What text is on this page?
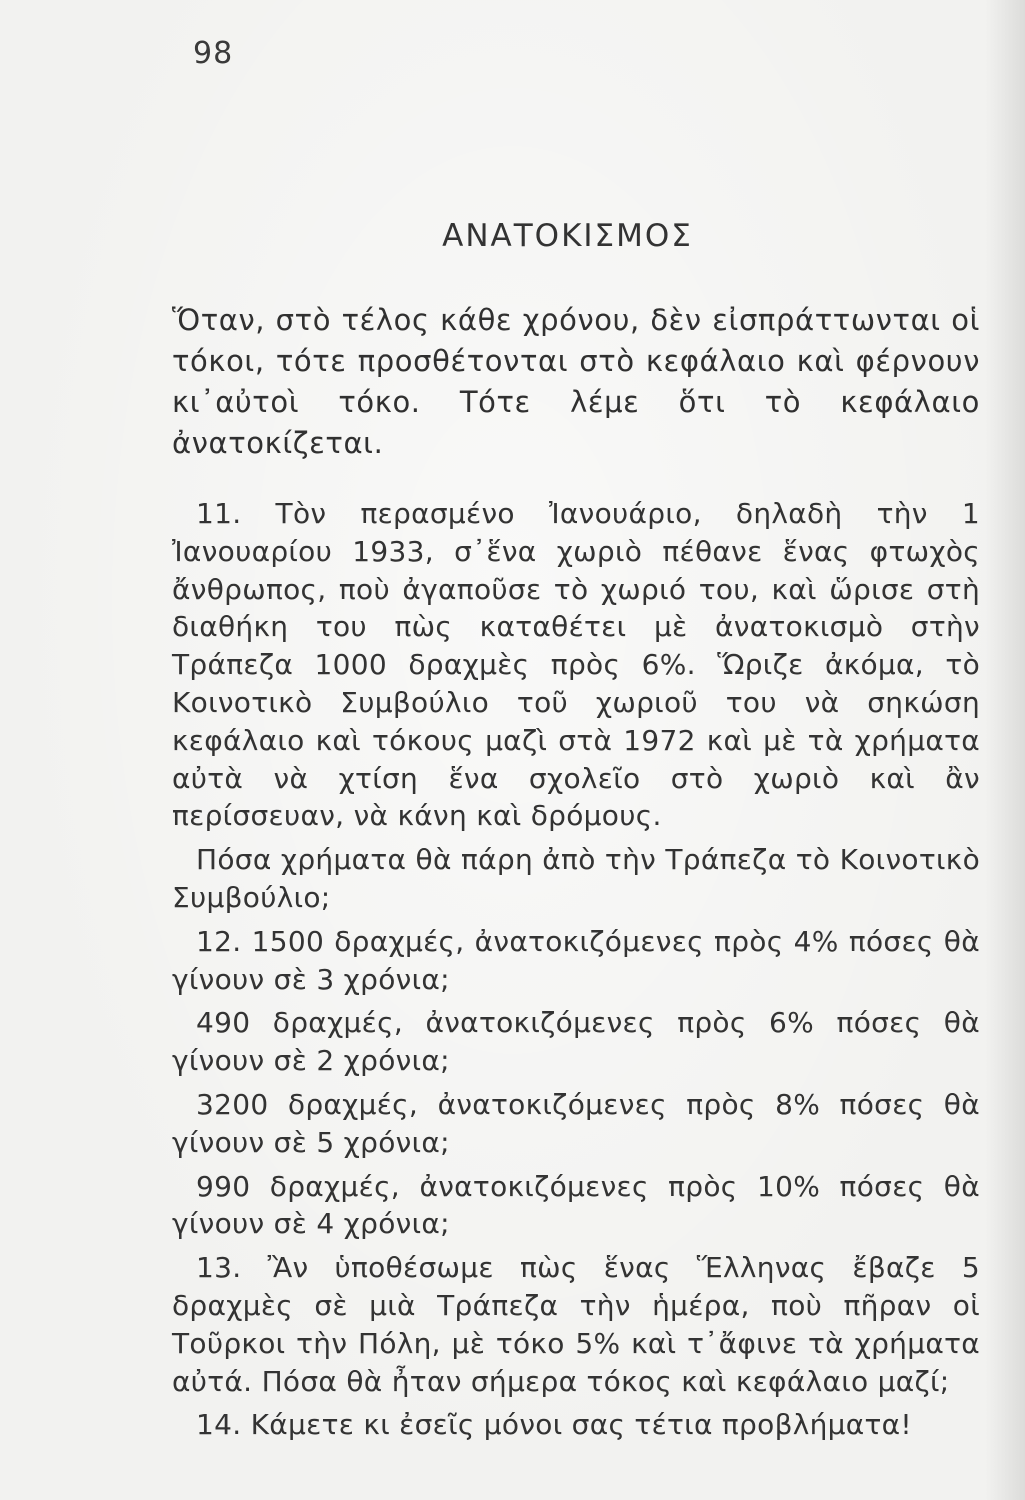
98
ΑΝΑΤΟΚΙΣΜΟΣ

Ὅταν, στὸ τέλος κάθε χρόνου, δὲν εἰσπράττωνται οἱ τόκοι, τότε προσθέτονται στὸ κεφάλαιο καὶ φέρνουν κι᾽αὐτοὶ τόκο. Τότε λέμε ὅτι τὸ κεφάλαιο ἀνατοκίζεται.

11. Τὸν περασμένο Ἰανουάριο, δηλαδὴ τὴν 1 Ἰανουαρίου 1933, σ᾽ἕνα χωριὸ πέθανε ἕνας φτωχὸς ἄνθρωπος, ποὺ ἀγαποῦσε τὸ χωριό του, καὶ ὥρισε στὴ διαθήκη του πὼς καταθέτει μὲ ἀνατοκισμὸ στὴν Τράπεζα 1000 δραχμὲς πρὸς 6%. Ὥριζε ἀκόμα, τὸ Κοινοτικὸ Συμβούλιο τοῦ χωριοῦ του νὰ σηκώση κεφάλαιο καὶ τόκους μαζὶ στὰ 1972 καὶ μὲ τὰ χρήματα αὐτὰ νὰ χτίση ἕνα σχολεῖο στὸ χωριὸ καὶ ἂν περίσσευαν, νὰ κάνη καὶ δρόμους.

Πόσα χρήματα θὰ πάρη ἀπὸ τὴν Τράπεζα τὸ Κοινοτικὸ Συμβούλιο;

12. 1500 δραχμές, ἀνατοκιζόμενες πρὸς 4% πόσες θὰ γίνουν σὲ 3 χρόνια;

490 δραχμές, ἀνατοκιζόμενες πρὸς 6% πόσες θὰ γίνουν σὲ 2 χρόνια;

3200 δραχμές, ἀνατοκιζόμενες πρὸς 8% πόσες θὰ γίνουν σὲ 5 χρόνια;

990 δραχμές, ἀνατοκιζόμενες πρὸς 10% πόσες θὰ γίνουν σὲ 4 χρόνια;

13. Ἂν ὑποθέσωμε πὼς ἕνας Ἕλληνας ἔβαζε 5 δραχμὲς σὲ μιὰ Τράπεζα τὴν ἡμέρα, ποὺ πῆραν οἱ Τοῦρκοι τὴν Πόλη, μὲ τόκο 5% καὶ τ᾽ἄφινε τὰ χρήματα αὐτά. Πόσα θὰ ἦταν σήμερα τόκος καὶ κεφάλαιο μαζί;

14. Κάμετε κι ἐσεῖς μόνοι σας τέτια προβλήματα!
